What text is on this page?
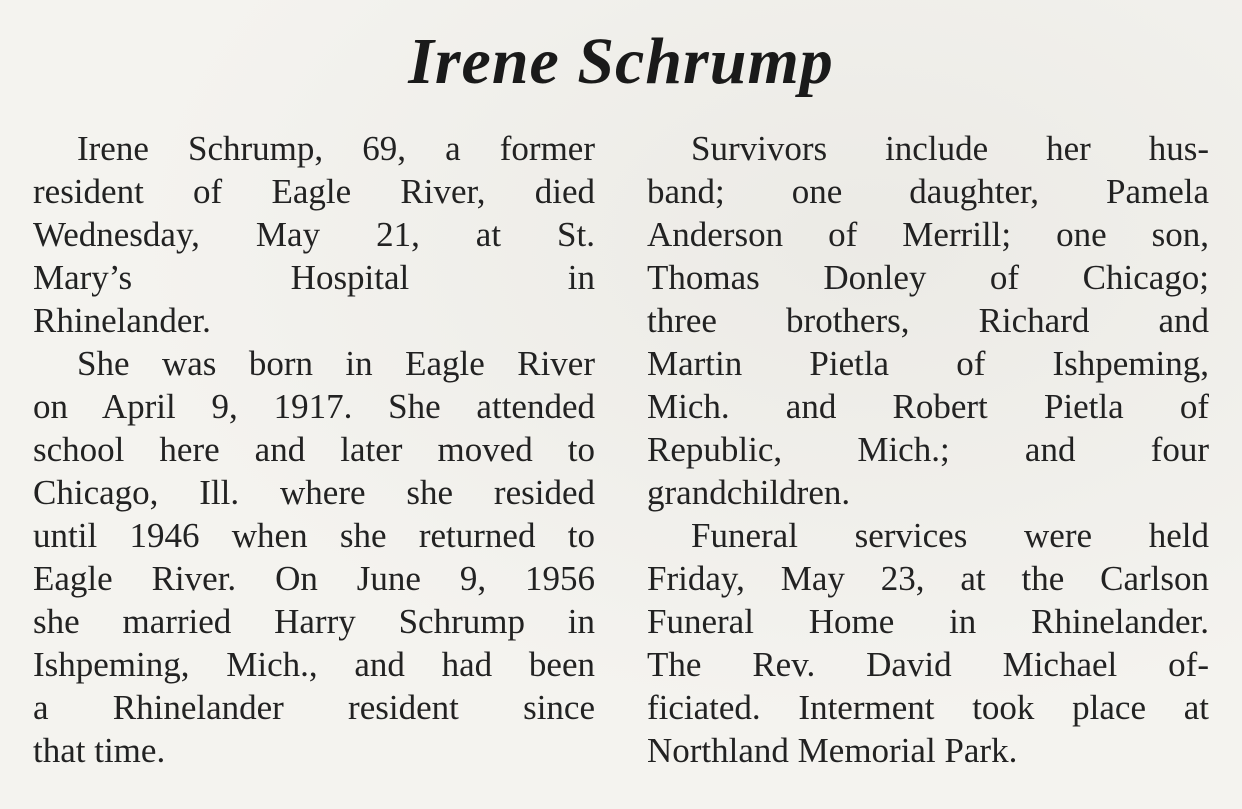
Irene Schrump
Irene Schrump, 69, a former
resident of Eagle River, died
Wednesday, May 21, at St.
Mary’s Hospital in
Rhinelander.
She was born in Eagle River
on April 9, 1917. She attended
school here and later moved to
Chicago, Ill. where she resided
until 1946 when she returned to
Eagle River. On June 9, 1956
she married Harry Schrump in
Ishpeming, Mich., and had been
a Rhinelander resident since
that time.
Survivors include her hus-
band; one daughter, Pamela
Anderson of Merrill; one son,
Thomas Donley of Chicago;
three brothers, Richard and
Martin Pietla of Ishpeming,
Mich. and Robert Pietla of
Republic, Mich.; and four
grandchildren.
Funeral services were held
Friday, May 23, at the Carlson
Funeral Home in Rhinelander.
The Rev. David Michael of-
ficiated. Interment took place at
Northland Memorial Park.
